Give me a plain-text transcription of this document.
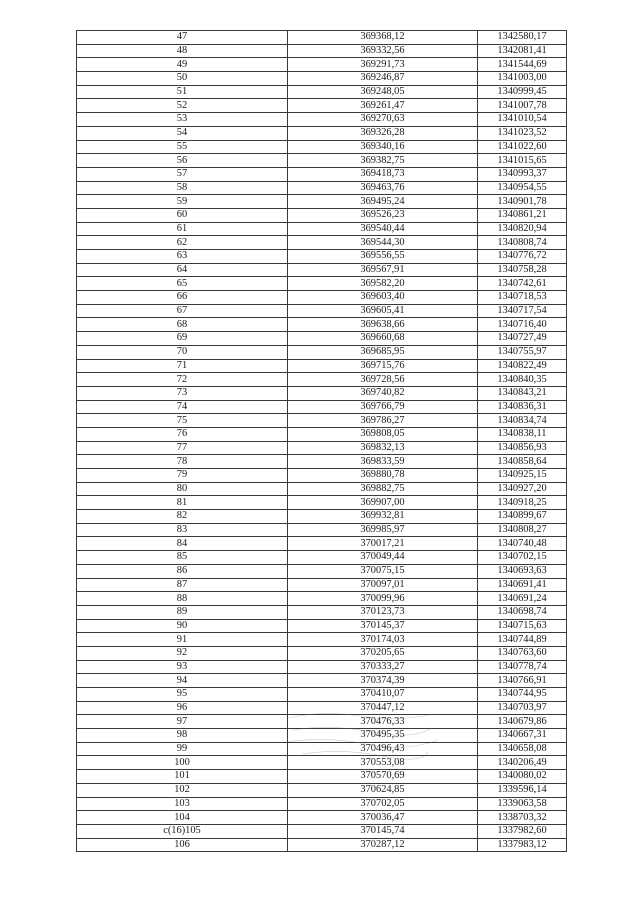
47	369368,12	1342580,17
48	369332,56	1342081,41
49	369291,73	1341544,69
50	369246,87	1341003,00
51	369248,05	1340999,45
52	369261,47	1341007,78
53	369270,63	1341010,54
54	369326,28	1341023,52
55	369340,16	1341022,60
56	369382,75	1341015,65
57	369418,73	1340993,37
58	369463,76	1340954,55
59	369495,24	1340901,78
60	369526,23	1340861,21
61	369540,44	1340820,94
62	369544,30	1340808,74
63	369556,55	1340776,72
64	369567,91	1340758,28
65	369582,20	1340742,61
66	369603,40	1340718,53
67	369605,41	1340717,54
68	369638,66	1340716,40
69	369660,68	1340727,49
70	369685,95	1340755,97
71	369715,76	1340822,49
72	369728,56	1340840,35
73	369740,82	1340843,21
74	369766,79	1340836,31
75	369786,27	1340834,74
76	369808,05	1340838,11
77	369832,13	1340856,93
78	369833,59	1340858,64
79	369880,78	1340925,15
80	369882,75	1340927,20
81	369907,00	1340918,25
82	369932,81	1340899,67
83	369985,97	1340808,27
84	370017,21	1340740,48
85	370049,44	1340702,15
86	370075,15	1340693,63
87	370097,01	1340691,41
88	370099,96	1340691,24
89	370123,73	1340698,74
90	370145,37	1340715,63
91	370174,03	1340744,89
92	370205,65	1340763,60
93	370333,27	1340778,74
94	370374,39	1340766,91
95	370410,07	1340744,95
96	370447,12	1340703,97
97	370476,33	1340679,86
98	370495,35	1340667,31
99	370496,43	1340658,08
100	370553,08	1340206,49
101	370570,69	1340080,02
102	370624,85	1339596,14
103	370702,05	1339063,58
104	370036,47	1338703,32
с(16)105	370145,74	1337982,60
106	370287,12	1337983,12
